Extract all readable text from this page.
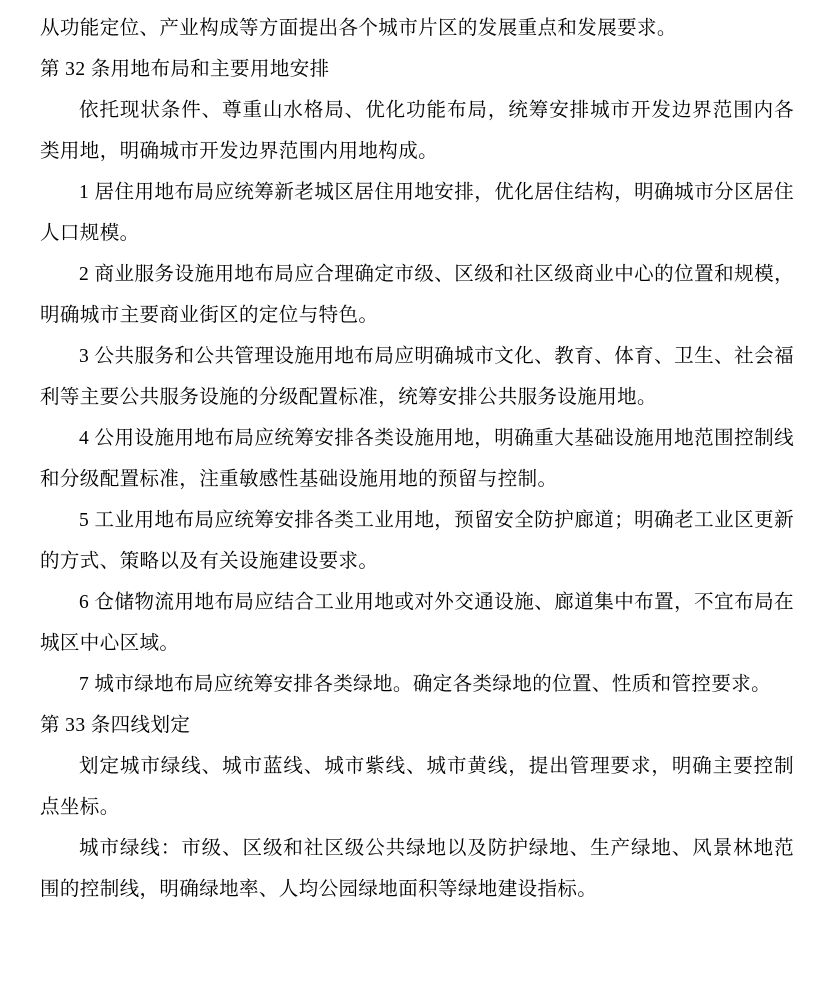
从功能定位、产业构成等方面提出各个城市片区的发展重点和发展要求。

第 32 条用地布局和主要用地安排

依托现状条件、尊重山水格局、优化功能布局，统筹安排城市开发边界范围内各类用地，明确城市开发边界范围内用地构成。

1 居住用地布局应统筹新老城区居住用地安排，优化居住结构，明确城市分区居住人口规模。

2 商业服务设施用地布局应合理确定市级、区级和社区级商业中心的位置和规模，明确城市主要商业街区的定位与特色。

3 公共服务和公共管理设施用地布局应明确城市文化、教育、体育、卫生、社会福利等主要公共服务设施的分级配置标准，统筹安排公共服务设施用地。

4 公用设施用地布局应统筹安排各类设施用地，明确重大基础设施用地范围控制线和分级配置标准，注重敏感性基础设施用地的预留与控制。

5 工业用地布局应统筹安排各类工业用地，预留安全防护廊道；明确老工业区更新的方式、策略以及有关设施建设要求。

6 仓储物流用地布局应结合工业用地或对外交通设施、廊道集中布置，不宜布局在城区中心区域。

7 城市绿地布局应统筹安排各类绿地。确定各类绿地的位置、性质和管控要求。

第 33 条四线划定

划定城市绿线、城市蓝线、城市紫线、城市黄线，提出管理要求，明确主要控制点坐标。

城市绿线：市级、区级和社区级公共绿地以及防护绿地、生产绿地、风景林地范围的控制线，明确绿地率、人均公园绿地面积等绿地建设指标。
